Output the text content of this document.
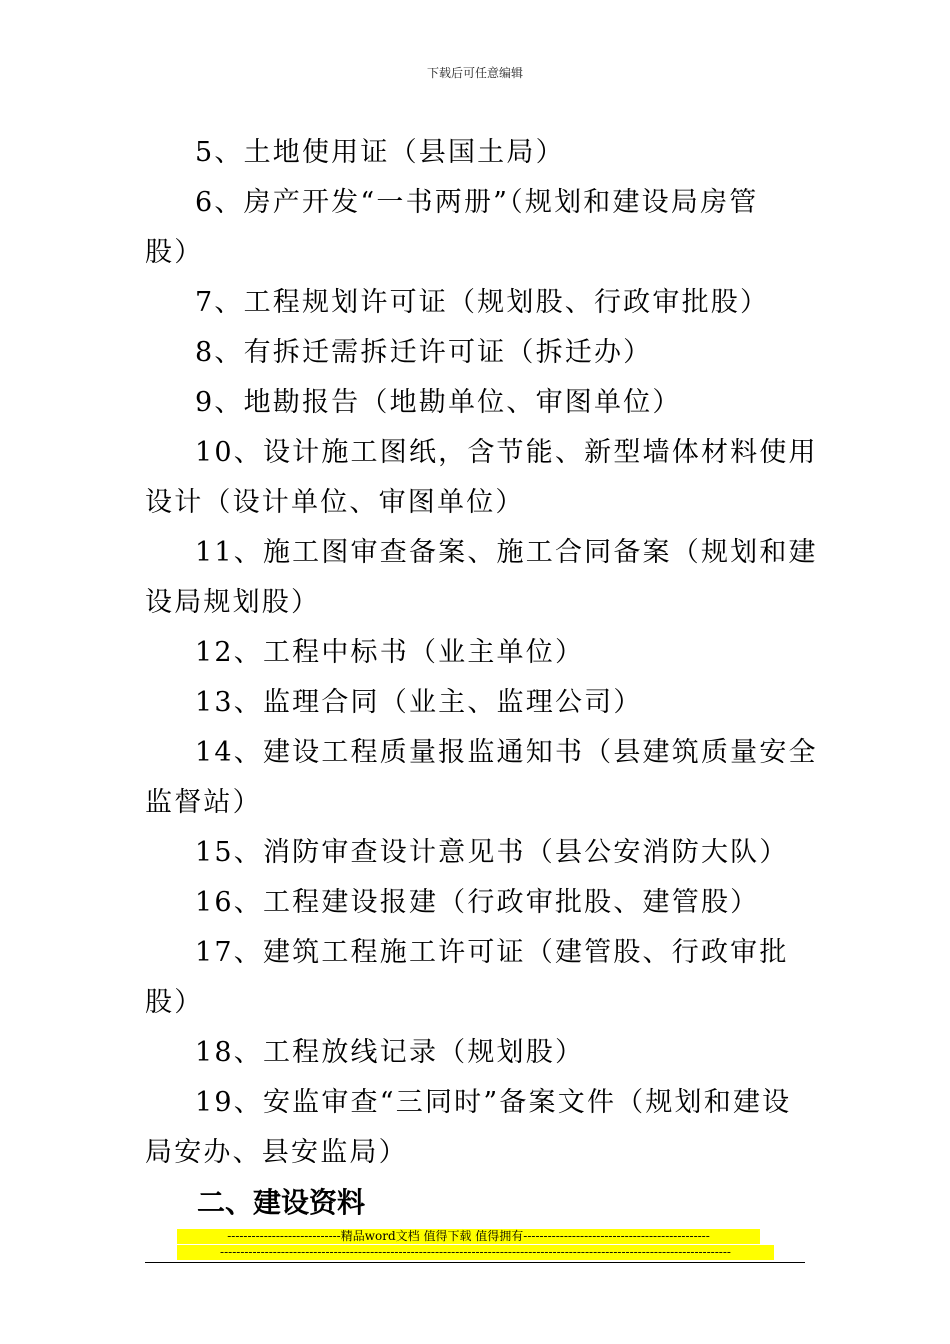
下载后可任意编辑

5、土地使用证（县国土局）

6、房产开发“一书两册”（规划和建设局房管

股）

7、工程规划许可证（规划股、行政审批股）

8、有拆迁需拆迁许可证（拆迁办）

9、地勘报告（地勘单位、审图单位）

10、设计施工图纸，含节能、新型墙体材料使用

设计（设计单位、审图单位）

11、施工图审查备案、施工合同备案（规划和建

设局规划股）

12、工程中标书（业主单位）

13、监理合同（业主、监理公司）

14、建设工程质量报监通知书（县建筑质量安全

监督站）

15、消防审查设计意见书（县公安消防大队）

16、工程建设报建（行政审批股、建管股）

17、建筑工程施工许可证（建管股、行政审批

股）

18、工程放线记录（规划股）

19、安监审查“三同时”备案文件（规划和建设

局安办、县安监局）

二、建设资料
----------------------------精品word文档 值得下载 值得拥有----------------------------------------------
------------------------------------------------------------------------------------------------------------------------------
